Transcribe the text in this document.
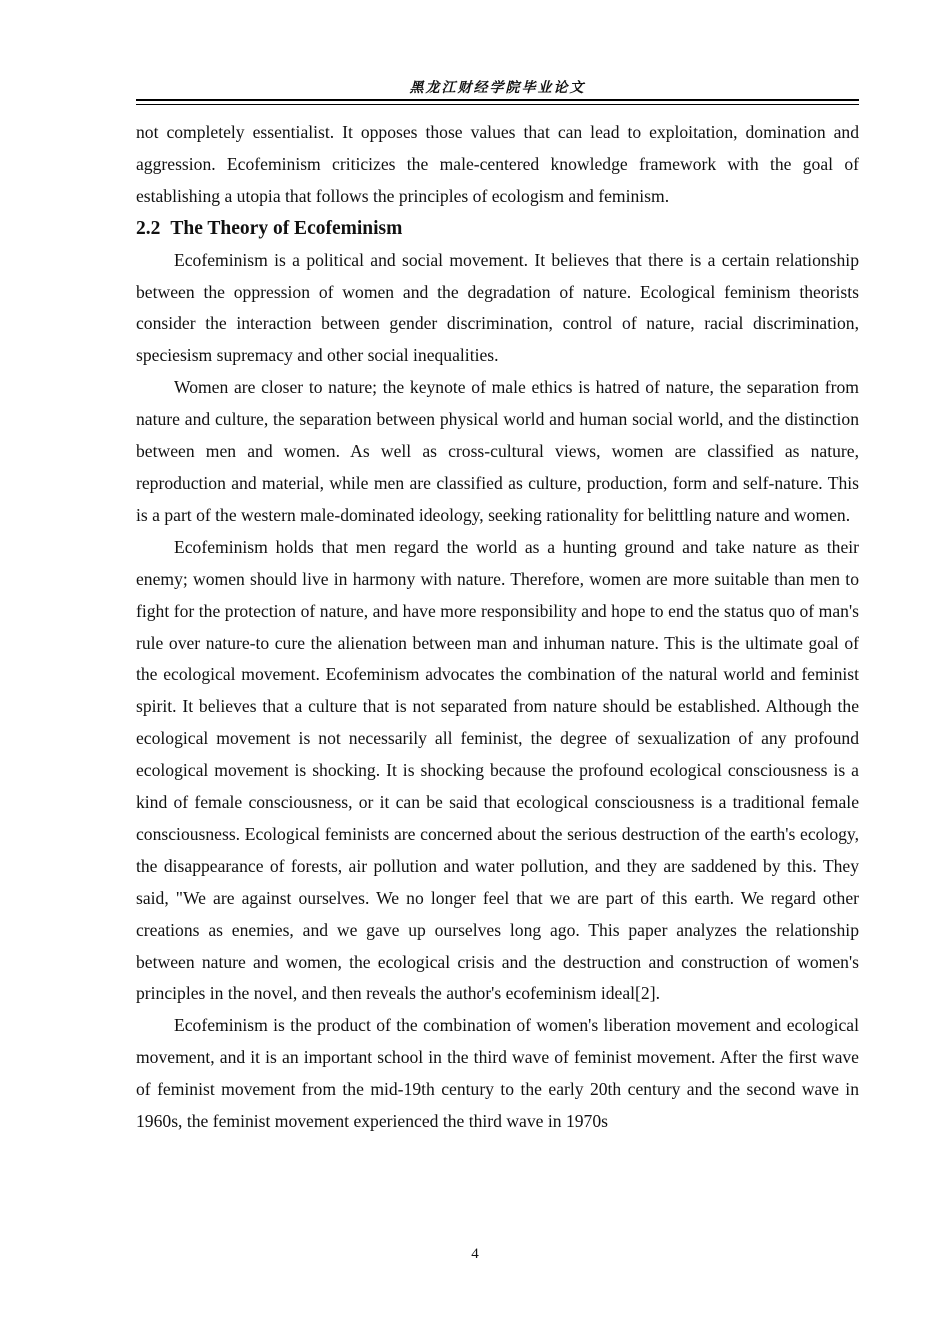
黑龙江财经学院毕业论文

not completely essentialist. It opposes those values that can lead to exploitation, domination and aggression. Ecofeminism criticizes the male-centered knowledge framework with the goal of establishing a utopia that follows the principles of ecologism and feminism.

2.2 The Theory of Ecofeminism

Ecofeminism is a political and social movement. It believes that there is a certain relationship between the oppression of women and the degradation of nature. Ecological feminism theorists consider the interaction between gender discrimination, control of nature, racial discrimination, speciesism supremacy and other social inequalities.

Women are closer to nature; the keynote of male ethics is hatred of nature, the separation from nature and culture, the separation between physical world and human social world, and the distinction between men and women. As well as cross-cultural views, women are classified as nature, reproduction and material, while men are classified as culture, production, form and self-nature. This is a part of the western male-dominated ideology, seeking rationality for belittling nature and women.

Ecofeminism holds that men regard the world as a hunting ground and take nature as their enemy; women should live in harmony with nature. Therefore, women are more suitable than men to fight for the protection of nature, and have more responsibility and hope to end the status quo of man's rule over nature-to cure the alienation between man and inhuman nature. This is the ultimate goal of the ecological movement. Ecofeminism advocates the combination of the natural world and feminist spirit. It believes that a culture that is not separated from nature should be established. Although the ecological movement is not necessarily all feminist, the degree of sexualization of any profound ecological movement is shocking. It is shocking because the profound ecological consciousness is a kind of female consciousness, or it can be said that ecological consciousness is a traditional female consciousness. Ecological feminists are concerned about the serious destruction of the earth's ecology, the disappearance of forests, air pollution and water pollution, and they are saddened by this. They said, "We are against ourselves. We no longer feel that we are part of this earth. We regard other creations as enemies, and we gave up ourselves long ago. This paper analyzes the relationship between nature and women, the ecological crisis and the destruction and construction of women's principles in the novel, and then reveals the author's ecofeminism ideal[2].

Ecofeminism is the product of the combination of women's liberation movement and ecological movement, and it is an important school in the third wave of feminist movement. After the first wave of feminist movement from the mid-19th century to the early 20th century and the second wave in 1960s, the feminist movement experienced the third wave in 1970s

4
